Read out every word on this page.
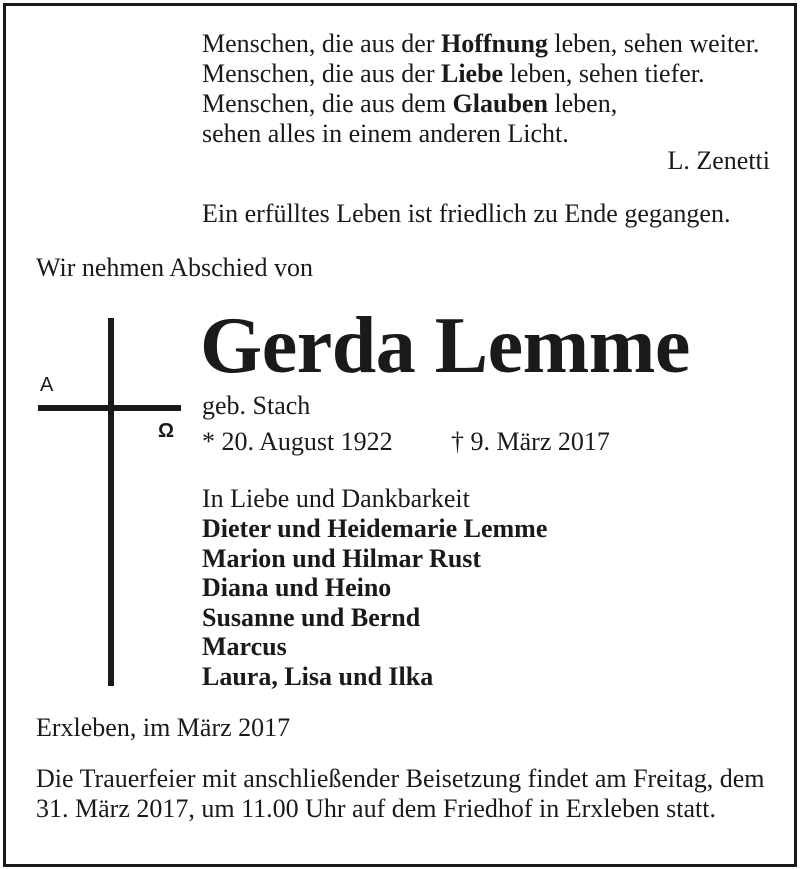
Menschen, die aus der Hoffnung leben, sehen weiter.
Menschen, die aus der Liebe leben, sehen tiefer.
Menschen, die aus dem Glauben leben,
sehen alles in einem anderen Licht.
L. Zenetti
Ein erfülltes Leben ist friedlich zu Ende gegangen.
Wir nehmen Abschied von
A
Ω
Gerda Lemme
geb. Stach
* 20. August 1922 † 9. März 2017
In Liebe und Dankbarkeit
Dieter und Heidemarie Lemme
Marion und Hilmar Rust
Diana und Heino
Susanne und Bernd
Marcus
Laura, Lisa und Ilka
Erxleben, im März 2017
Die Trauerfeier mit anschließender Beisetzung findet am Freitag, dem
31. März 2017, um 11.00 Uhr auf dem Friedhof in Erxleben statt.
